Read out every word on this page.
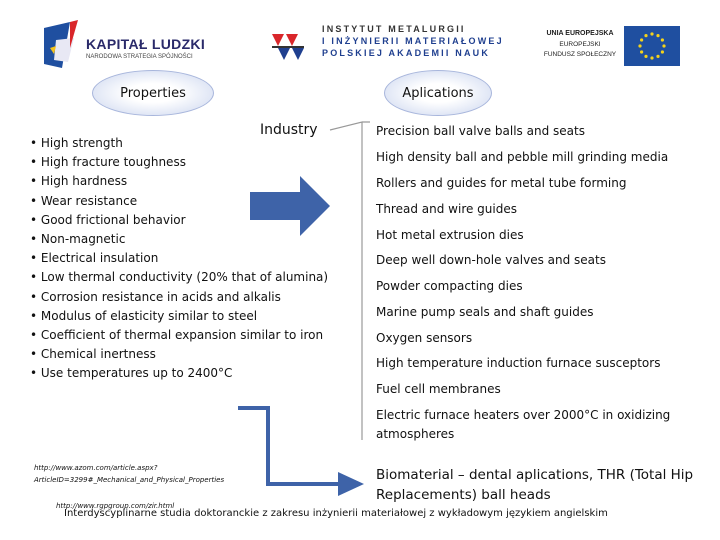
KAPITAŁ LUDZKI
NARODOWA STRATEGIA SPÓJNOŚCI
INSTYTUT METALURGII
I INŻYNIERII MATERIAŁOWEJ
POLSKIEJ AKADEMII NAUK
UNIA EUROPEJSKA
EUROPEJSKI
FUNDUSZ SPOŁECZNY
Properties	Aplications
Industry
• High strength
• High fracture toughness
• High hardness
• Wear resistance
• Good frictional behavior
• Non-magnetic
• Electrical insulation
• Low thermal conductivity (20% that of alumina)
• Corrosion resistance in acids and alkalis
• Modulus of elasticity similar to steel
• Coefficient of thermal expansion similar to iron
• Chemical inertness
• Use temperatures up to 2400°C
Precision ball valve balls and seats
High density ball and pebble mill grinding media
Rollers and guides for metal tube forming
Thread and wire guides
Hot metal extrusion dies
Deep well down-hole valves and seats
Powder compacting dies
Marine pump seals and shaft guides
Oxygen sensors
High temperature induction furnace susceptors
Fuel cell membranes
Electric furnace heaters over 2000°C in oxidizing atmospheres
Biomaterial – dental aplications, THR (Total Hip Replacements) ball heads
http://www.azom.com/article.aspx?ArticleID=3299#_Mechanical_and_Physical_Properties
http://www.rgpgroup.com/zir.html
Interdyscyplinarne studia doktoranckie z zakresu inżynierii materiałowej z wykładowym językiem angielskim
